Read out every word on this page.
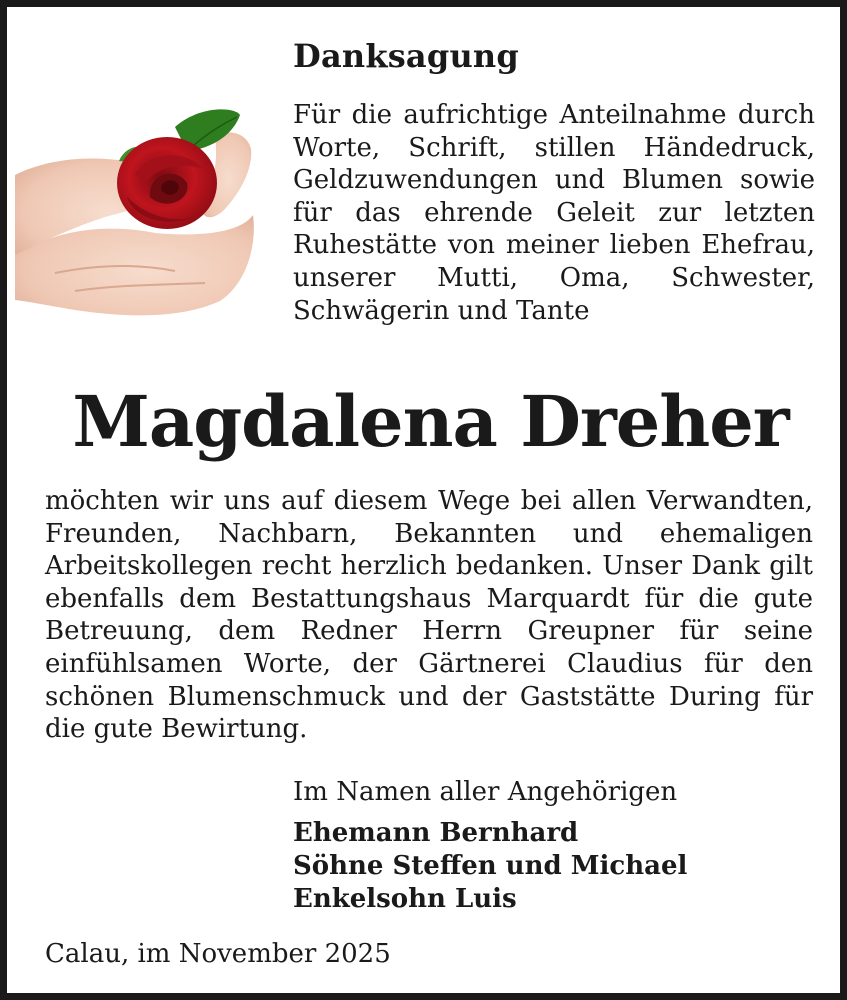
Danksagung
Für die aufrichtige Anteilnahme durch Worte, Schrift, stillen Händedruck, Geldzuwendungen und Blumen sowie für das ehrende Geleit zur letzten Ruhestätte von meiner lieben Ehefrau, unserer Mutti, Oma, Schwester, Schwägerin und Tante
Magdalena Dreher
möchten wir uns auf diesem Wege bei allen Verwandten, Freunden, Nachbarn, Bekannten und ehemaligen Arbeitskollegen recht herzlich bedanken. Unser Dank gilt ebenfalls dem Bestattungshaus Marquardt für die gute Betreuung, dem Redner Herrn Greupner für seine einfühlsamen Worte, der Gärtnerei Claudius für den schönen Blumenschmuck und der Gaststätte During für die gute Bewirtung.
Im Namen aller Angehörigen
Ehemann Bernhard
Söhne Steffen und Michael
Enkelsohn Luis
Calau, im November 2025
